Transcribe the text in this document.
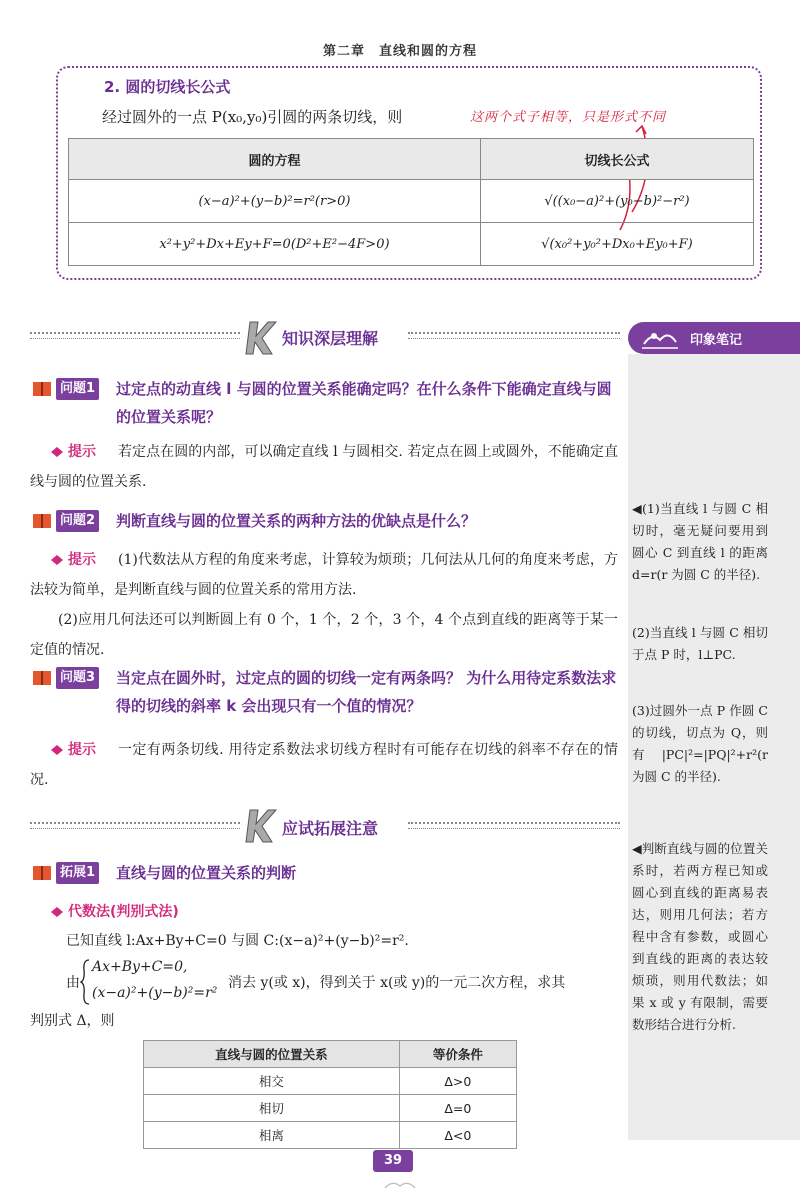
第二章　直线和圆的方程
2. 圆的切线长公式
经过圆外的一点 P(x₀,y₀)引圆的两条切线，则	这两个式子相等，只是形式不同
圆的方程	切线长公式
(x−a)²+(y−b)²=r²(r>0)	√((x₀−a)²+(y₀−b)²−r²)
x²+y²+Dx+Ey+F=0(D²+E²−4F>0)	√(x₀²+y₀²+Dx₀+Ey₀+F)
知识深层理解	印象笔记
◀(1)当直线 l 与圆 C 相切时，毫无疑问要用到圆心 C 到直线 l 的距离 d=r(r 为圆 C 的半径).
(2)当直线 l 与圆 C 相切于点 P 时，l⊥PC.
(3)过圆外一点 P 作圆 C 的切线，切点为 Q，则有 |PC|²=|PQ|²+r²(r 为圆 C 的半径).
◀判断直线与圆的位置关系时，若两方程已知或圆心到直线的距离易表达，则用几何法；若方程中含有参数，或圆心到直线的距离的表达较烦琐，则用代数法；如果 x 或 y 有限制，需要数形结合进行分析.
问题1 过定点的动直线 l 与圆的位置关系能确定吗？在什么条件下能确定直线与圆的位置关系呢？
提示	若定点在圆的内部，可以确定直线 l 与圆相交. 若定点在圆上或圆外，不能确定直线与圆的位置关系.
问题2 判断直线与圆的位置关系的两种方法的优缺点是什么？
提示	(1)代数法从方程的角度来考虑，计算较为烦琐；几何法从几何的角度来考虑，方法较为简单，是判断直线与圆的位置关系的常用方法.
(2)应用几何法还可以判断圆上有 0 个，1 个，2 个，3 个，4 个点到直线的距离等于某一定值的情况.
问题3 当定点在圆外时，过定点的圆的切线一定有两条吗？ 为什么用待定系数法求得的切线的斜率 k 会出现只有一个值的情况？
提示	一定有两条切线. 用待定系数法求切线方程时有可能存在切线的斜率不存在的情况.
应试拓展注意
拓展1 直线与圆的位置关系的判断
代数法(判别式法)
已知直线 l:Ax+By+C=0 与圆 C:(x−a)²+(y−b)²=r².
由
Ax+By+C=0,
(x−a)²+(y−b)²=r²
消去 y(或 x)，得到关于 x(或 y)的一元二次方程，求其
判别式 Δ，则
直线与圆的位置关系	等价条件
相交	Δ>0
相切	Δ=0
相离	Δ<0
39
